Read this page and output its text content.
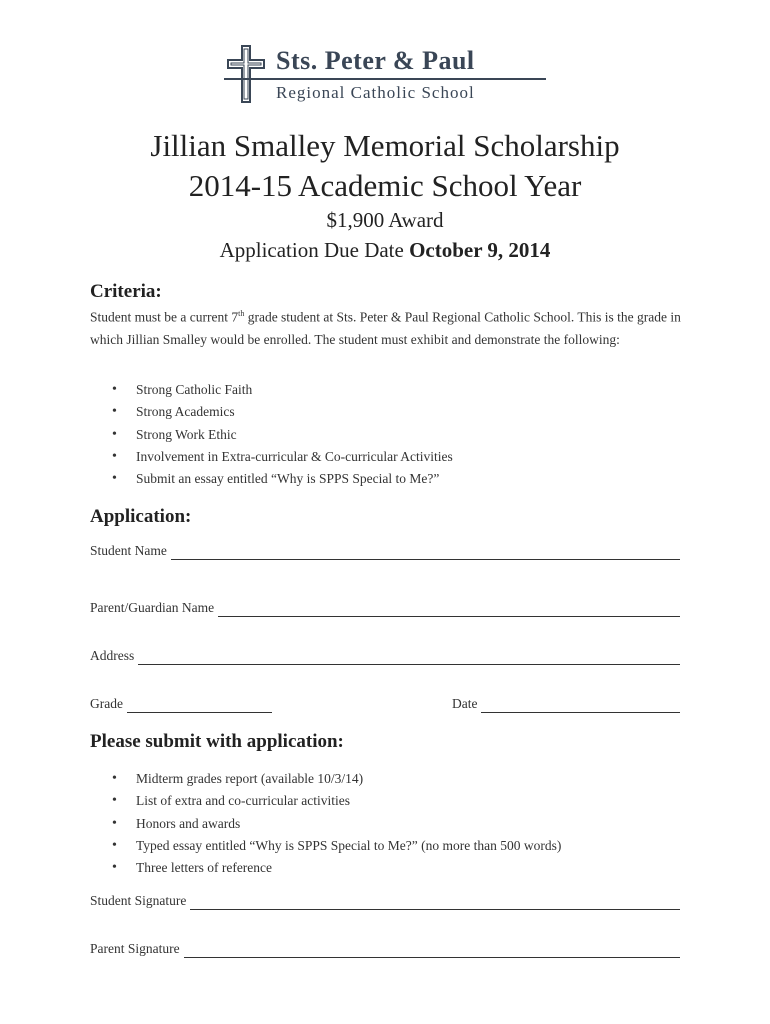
Sts. Peter & Paul
Regional Catholic School
Jillian Smalley Memorial Scholarship
2014-15 Academic School Year
$1,900 Award
Application Due Date October 9, 2014
Criteria:
Student must be a current 7th grade student at Sts. Peter & Paul Regional Catholic School. This is the grade in which Jillian Smalley would be enrolled. The student must exhibit and demonstrate the following:
• Strong Catholic Faith
• Strong Academics
• Strong Work Ethic
• Involvement in Extra-curricular & Co-curricular Activities
• Submit an essay entitled “Why is SPPS Special to Me?”
Application:
Student Name
Parent/Guardian Name
Address
Grade	Date
Please submit with application:
• Midterm grades report (available 10/3/14)
• List of extra and co-curricular activities
• Honors and awards
• Typed essay entitled “Why is SPPS Special to Me?” (no more than 500 words)
• Three letters of reference
Student Signature
Parent Signature
